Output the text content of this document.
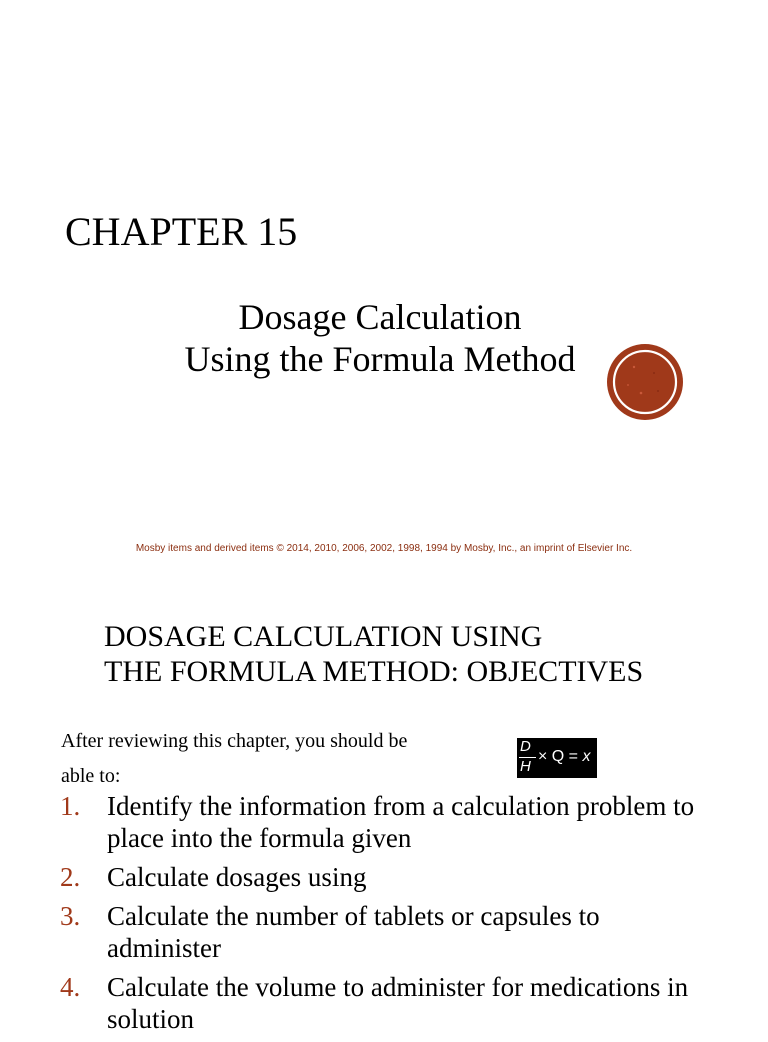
CHAPTER 15
Dosage Calculation
Using the Formula Method
Mosby items and derived items © 2014, 2010, 2006, 2002, 1998, 1994 by Mosby, Inc., an imprint of Elsevier Inc.
DOSAGE CALCULATION USING
THE FORMULA METHOD: OBJECTIVES

After reviewing this chapter, you should be
able to:

D
H
× Q = x
1. Identify the information from a calculation problem to place into the formula given
2. Calculate dosages using
3. Calculate the number of tablets or capsules to administer
4. Calculate the volume to administer for medications in solution
